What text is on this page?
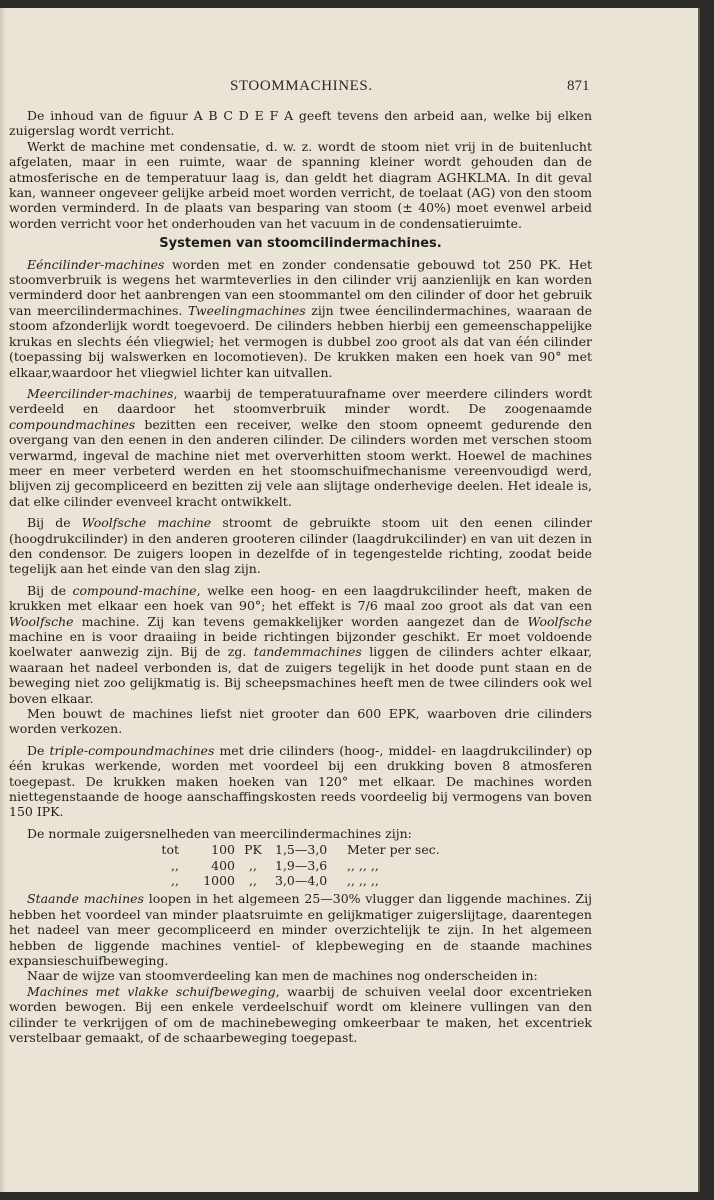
STOOMMACHINES.	871

De inhoud van de figuur A B C D E F A geeft tevens den arbeid aan, welke bij elken zuigerslag wordt verricht.

Werkt de machine met condensatie, d. w. z. wordt de stoom niet vrij in de buitenlucht afgelaten, maar in een ruimte, waar de spanning kleiner wordt gehouden dan de atmosferische en de temperatuur laag is, dan geldt het diagram AGHKLMA. In dit geval kan, wanneer ongeveer gelijke arbeid moet worden verricht, de toelaat (AG) von den stoom worden verminderd. In de plaats van besparing van stoom (± 40%) moet evenwel arbeid worden verricht voor het onderhouden van het vacuum in de condensatieruimte.

Systemen van stoomcilindermachines.

Eéncilinder-machines worden met en zonder condensatie gebouwd tot 250 PK. Het stoomverbruik is wegens het warmteverlies in den cilinder vrij aanzienlijk en kan worden verminderd door het aanbrengen van een stoommantel om den cilinder of door het gebruik van meercilindermachines. Tweelingmachines zijn twee éencilindermachines, waaraan de stoom afzonderlijk wordt toegevoerd. De cilinders hebben hierbij een gemeenschappelijke krukas en slechts één vliegwiel; het vermogen is dubbel zoo groot als dat van één cilinder (toepassing bij walswerken en locomotieven). De krukken maken een hoek van 90° met elkaar,waardoor het vliegwiel lichter kan uitvallen.

Meercilinder-machines, waarbij de temperatuurafname over meerdere cilinders wordt verdeeld en daardoor het stoomverbruik minder wordt. De zoogenaamde compoundmachines bezitten een receiver, welke den stoom opneemt gedurende den overgang van den eenen in den anderen cilinder. De cilinders worden met verschen stoom verwarmd, ingeval de machine niet met oververhitten stoom werkt. Hoewel de machines meer en meer verbeterd werden en het stoomschuifmechanisme vereenvoudigd werd, blijven zij gecompliceerd en bezitten zij vele aan slijtage onderhevige deelen. Het ideale is, dat elke cilinder evenveel kracht ontwikkelt.

Bij de Woolfsche machine stroomt de gebruikte stoom uit den eenen cilinder (hoogdrukcilinder) in den anderen grooteren cilinder (laagdrukcilinder) en van uit dezen in den condensor. De zuigers loopen in dezelfde of in tegengestelde richting, zoodat beide tegelijk aan het einde van den slag zijn.

Bij de compound-machine, welke een hoog- en een laagdrukcilinder heeft, maken de krukken met elkaar een hoek van 90°; het effekt is 7/6 maal zoo groot als dat van een Woolfsche machine. Zij kan tevens gemakkelijker worden aangezet dan de Woolfsche machine en is voor draaiing in beide richtingen bijzonder geschikt. Er moet voldoende koelwater aanwezig zijn. Bij de zg. tandemmachines liggen de cilinders achter elkaar, waaraan het nadeel verbonden is, dat de zuigers tegelijk in het doode punt staan en de beweging niet zoo gelijkmatig is. Bij scheepsmachines heeft men de twee cilinders ook wel boven elkaar.

Men bouwt de machines liefst niet grooter dan 600 EPK, waarboven drie cilinders worden verkozen.

De triple-compoundmachines met drie cilinders (hoog-, middel- en laagdrukcilinder) op één krukas werkende, worden met voordeel bij een drukking boven 8 atmosferen toegepast. De krukken maken hoeken van 120° met elkaar. De machines worden niettegenstaande de hooge aanschaffingskosten reeds voordeelig bij vermogens van boven 150 IPK.

De normale zuigersnelheden van meercilindermachines zijn:

tot	100 PK	1,5—3,0	Meter per sec.
,,	400	,,	1,9—3,6	,, ,, ,,
,,	1000	,,	3,0—4,0	,, ,, ,,

Staande machines loopen in het algemeen 25—30% vlugger dan liggende machines. Zij hebben het voordeel van minder plaatsruimte en gelijkmatiger zuigerslijtage, daarentegen het nadeel van meer gecompliceerd en minder overzichtelijk te zijn. In het algemeen hebben de liggende machines ventiel- of klepbeweging en de staande machines expansieschuifbeweging.

Naar de wijze van stoomverdeeling kan men de machines nog onderscheiden in:

Machines met vlakke schuifbeweging, waarbij de schuiven veelal door excentrieken worden bewogen. Bij een enkele verdeelschuif wordt om kleinere vullingen van den cilinder te verkrijgen of om de machinebeweging omkeerbaar te maken, het excentriek verstelbaar gemaakt, of de schaarbeweging toegepast.
